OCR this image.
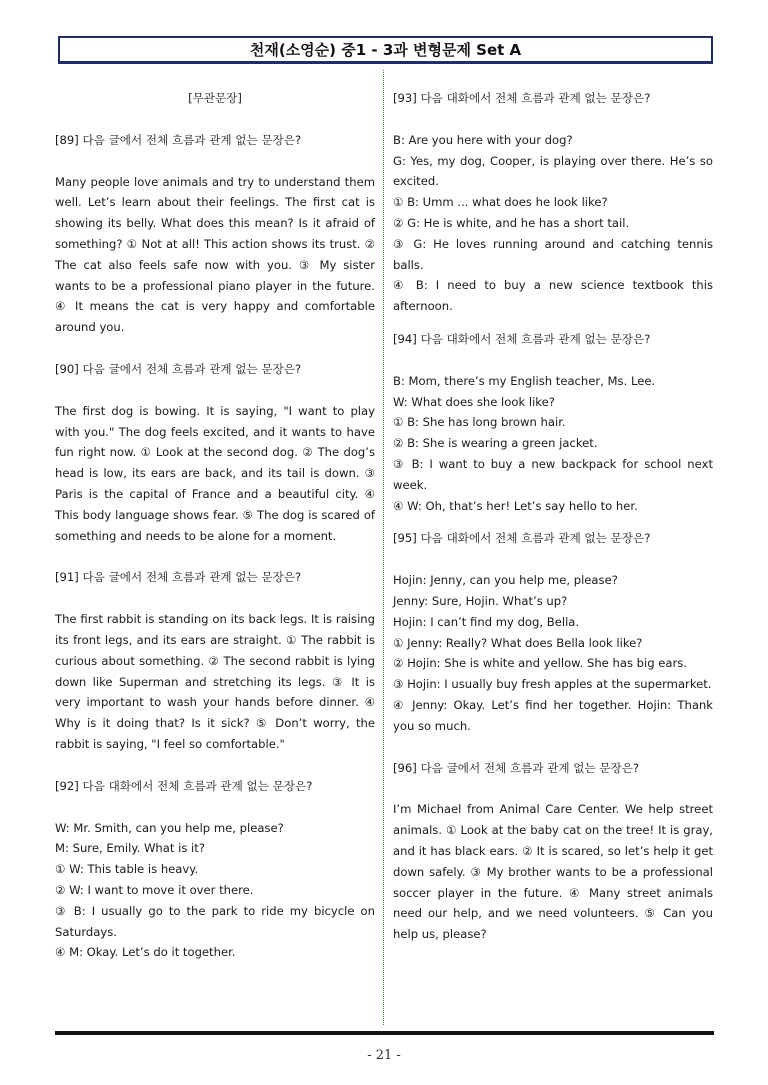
천재(소영순) 중1 - 3과 변형문제 Set A

[무관문장]

[89] 다음 글에서 전체 흐름과 관계 없는 문장은?

Many people love animals and try to understand them well. Let’s learn about their feelings. The first cat is showing its belly. What does this mean? Is it afraid of something? ① Not at all! This action shows its trust. ② The cat also feels safe now with you. ③ My sister wants to be a professional piano player in the future. ④ It means the cat is very happy and comfortable around you.

[90] 다음 글에서 전체 흐름과 관계 없는 문장은?

The first dog is bowing. It is saying, "I want to play with you." The dog feels excited, and it wants to have fun right now. ① Look at the second dog. ② The dog’s head is low, its ears are back, and its tail is down. ③ Paris is the capital of France and a beautiful city. ④ This body language shows fear. ⑤ The dog is scared of something and needs to be alone for a moment.

[91] 다음 글에서 전체 흐름과 관계 없는 문장은?

The first rabbit is standing on its back legs. It is raising its front legs, and its ears are straight. ① The rabbit is curious about something. ② The second rabbit is lying down like Superman and stretching its legs. ③ It is very important to wash your hands before dinner. ④ Why is it doing that? Is it sick? ⑤ Don’t worry, the rabbit is saying, "I feel so comfortable."

[92] 다음 대화에서 전체 흐름과 관계 없는 문장은?

W: Mr. Smith, can you help me, please?

M: Sure, Emily. What is it?

① W: This table is heavy.

② W: I want to move it over there.

③ B: I usually go to the park to ride my bicycle on Saturdays.

④ M: Okay. Let’s do it together.

[93] 다음 대화에서 전체 흐름과 관계 없는 문장은?

B: Are you here with your dog?

G: Yes, my dog, Cooper, is playing over there. He’s so excited.

① B: Umm ... what does he look like?

② G: He is white, and he has a short tail.

③ G: He loves running around and catching tennis balls.

④ B: I need to buy a new science textbook this afternoon.

[94] 다음 대화에서 전체 흐름과 관계 없는 문장은?

B: Mom, there’s my English teacher, Ms. Lee.

W: What does she look like?

① B: She has long brown hair.

② B: She is wearing a green jacket.

③ B: I want to buy a new backpack for school next week.

④ W: Oh, that’s her! Let’s say hello to her.

[95] 다음 대화에서 전체 흐름과 관계 없는 문장은?

Hojin: Jenny, can you help me, please?

Jenny: Sure, Hojin. What’s up?

Hojin: I can’t find my dog, Bella.

① Jenny: Really? What does Bella look like?

② Hojin: She is white and yellow. She has big ears.

③ Hojin: I usually buy fresh apples at the supermarket.

④ Jenny: Okay. Let’s find her together. Hojin: Thank you so much.

[96] 다음 글에서 전체 흐름과 관계 없는 문장은?

I’m Michael from Animal Care Center. We help street animals. ① Look at the baby cat on the tree! It is gray, and it has black ears. ② It is scared, so let’s help it get down safely. ③ My brother wants to be a professional soccer player in the future. ④ Many street animals need our help, and we need volunteers. ⑤ Can you help us, please?

- 21 -
